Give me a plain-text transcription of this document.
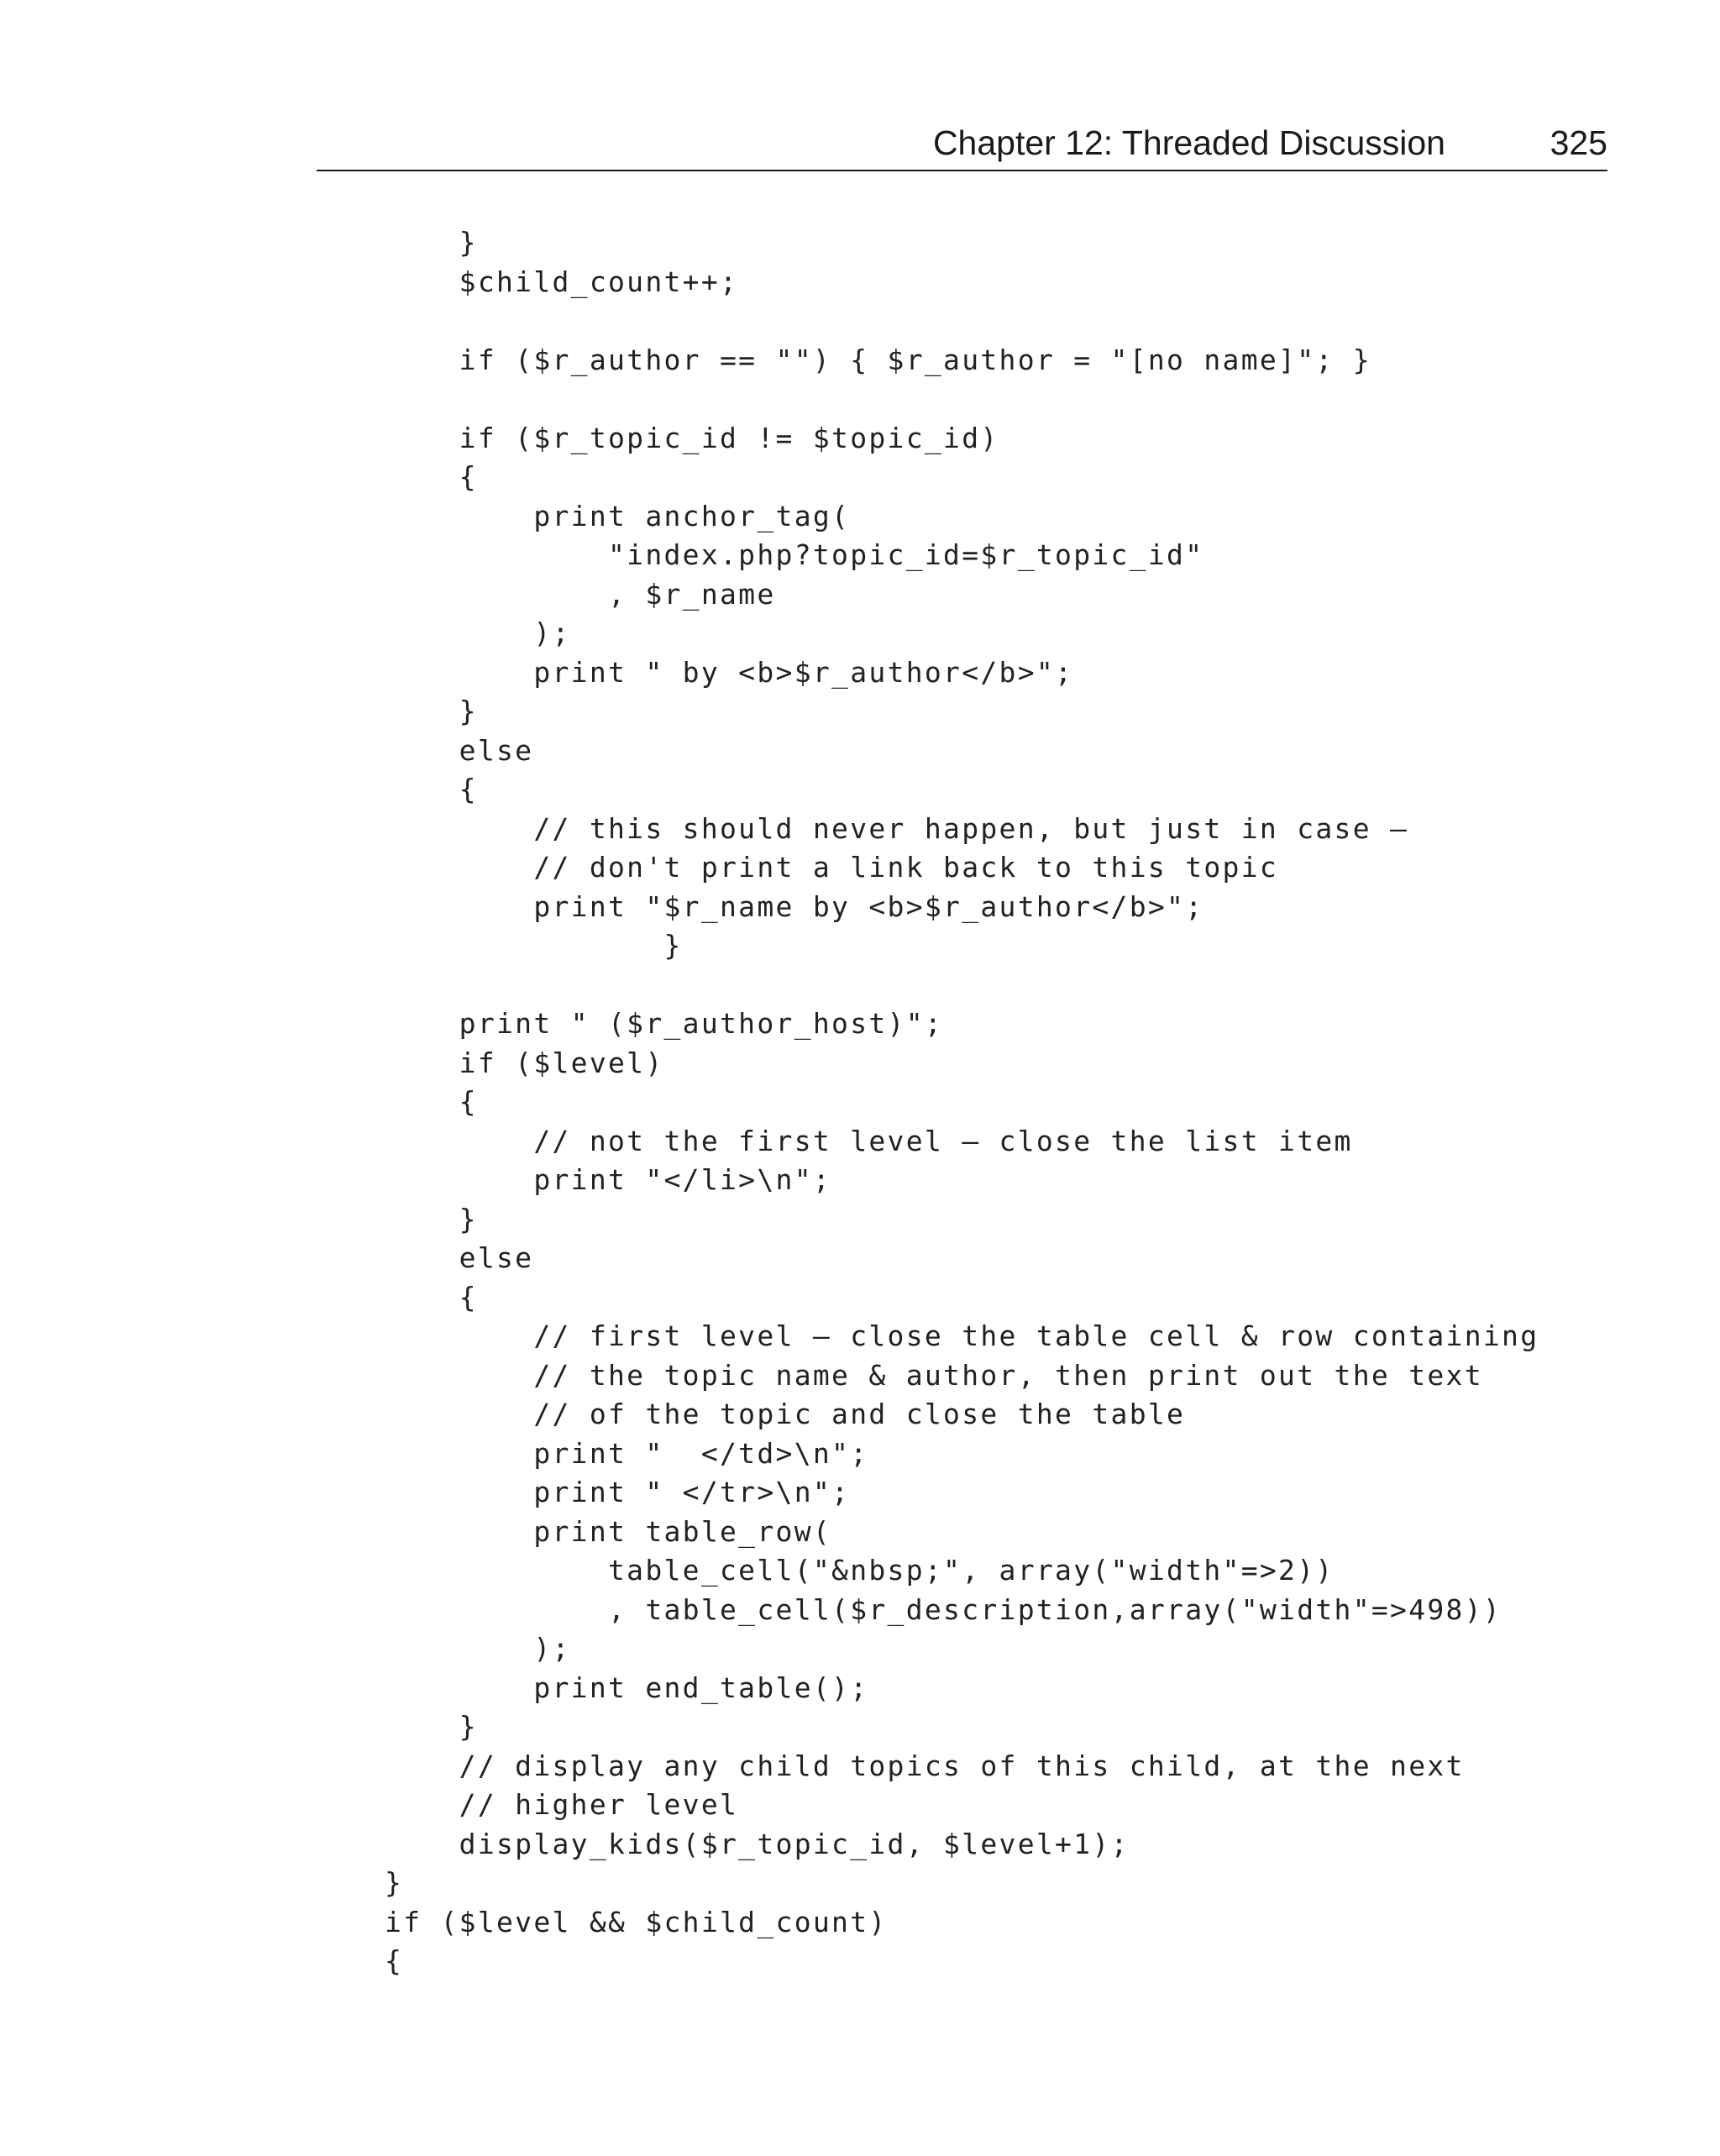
Chapter 12: Threaded Discussion	325
}
$child_count++;
if ($r_author == "") { $r_author = "[no name]"; }
if ($r_topic_id != $topic_id)
{
print anchor_tag(
"index.php?topic_id=$r_topic_id"
, $r_name
);
print " by <b>$r_author</b>";
}
else
{
// this should never happen, but just in case –
// don't print a link back to this topic
print "$r_name by <b>$r_author</b>";
}
print " ($r_author_host)";
if ($level)
{
// not the first level – close the list item
print "</li>\n";
}
else
{
// first level – close the table cell & row containing
// the topic name & author, then print out the text
// of the topic and close the table
print "  </td>\n";
print " </tr>\n";
print table_row(
table_cell("&nbsp;", array("width"=>2))
, table_cell($r_description,array("width"=>498))
);
print end_table();
}
// display any child topics of this child, at the next
// higher level
display_kids($r_topic_id, $level+1);
}
if ($level && $child_count)
{
